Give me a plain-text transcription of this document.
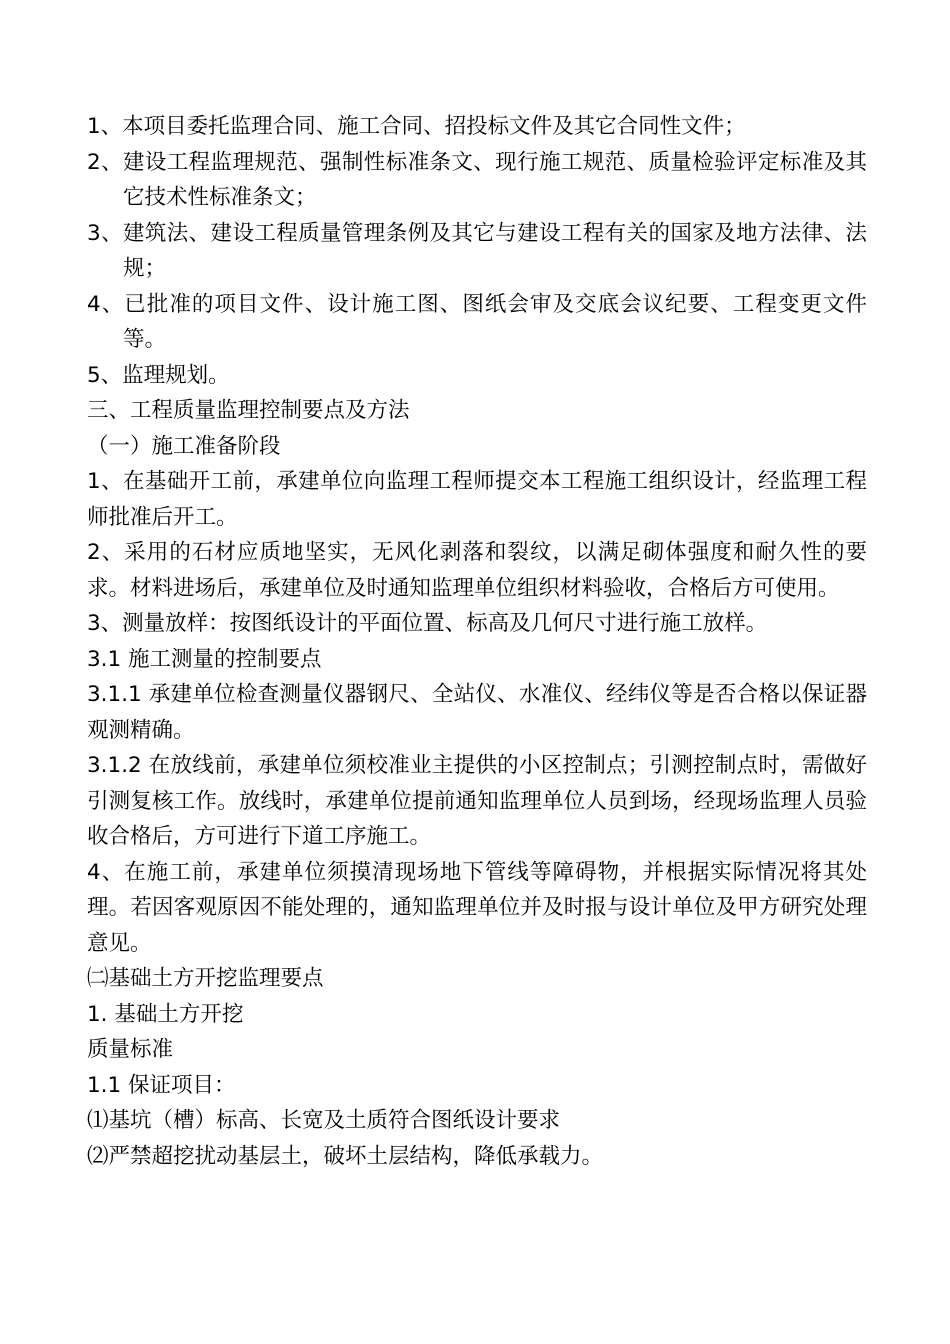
1、本项目委托监理合同、施工合同、招投标文件及其它合同性文件；

2、建设工程监理规范、强制性标准条文、现行施工规范、质量检验评定标准及其它技术性标准条文；

3、建筑法、建设工程质量管理条例及其它与建设工程有关的国家及地方法律、法规；

4、已批准的项目文件、设计施工图、图纸会审及交底会议纪要、工程变更文件等。

5、监理规划。

三、工程质量监理控制要点及方法

（一）施工准备阶段

1、在基础开工前，承建单位向监理工程师提交本工程施工组织设计，经监理工程师批准后开工。

2、采用的石材应质地坚实，无风化剥落和裂纹，以满足砌体强度和耐久性的要求。材料进场后，承建单位及时通知监理单位组织材料验收，合格后方可使用。

3、测量放样：按图纸设计的平面位置、标高及几何尺寸进行施工放样。

3.1 施工测量的控制要点

3.1.1 承建单位检查测量仪器钢尺、全站仪、水准仪、经纬仪等是否合格以保证器观测精确。

3.1.2 在放线前，承建单位须校准业主提供的小区控制点；引测控制点时，需做好引测复核工作。放线时，承建单位提前通知监理单位人员到场，经现场监理人员验收合格后，方可进行下道工序施工。

4、在施工前，承建单位须摸清现场地下管线等障碍物，并根据实际情况将其处理。若因客观原因不能处理的，通知监理单位并及时报与设计单位及甲方研究处理意见。

㈡基础土方开挖监理要点

1. 基础土方开挖

质量标准

1.1 保证项目：

⑴基坑（槽）标高、长宽及土质符合图纸设计要求

⑵严禁超挖扰动基层土，破坏土层结构，降低承载力。
